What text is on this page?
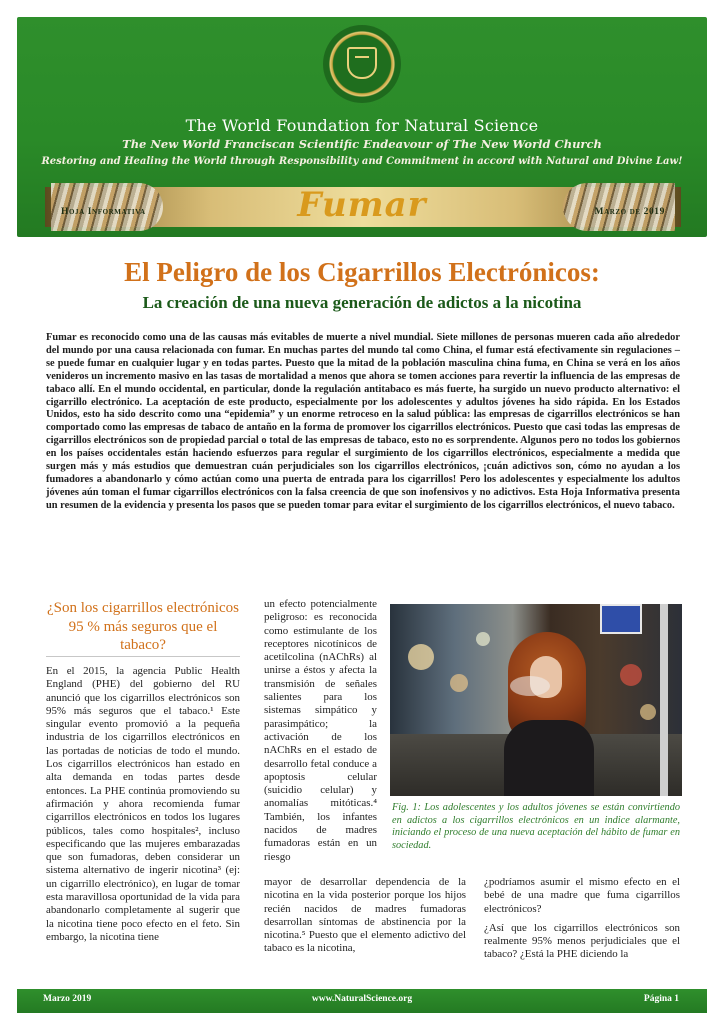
The World Foundation for Natural Science
The New World Franciscan Scientific Endeavour of The New World Church
Restoring and Healing the World through Responsibility and Commitment in accord with Natural and Divine Law!
Hoja Informativa	Fumar	Marzo de 2019
El Peligro de los Cigarrillos Electrónicos:
La creación de una nueva generación de adictos a la nicotina
Fumar es reconocido como una de las causas más evitables de muerte a nivel mundial. Siete millones de personas mueren cada año alrededor del mundo por una causa relacionada con fumar. En muchas partes del mundo tal como China, el fumar está efectivamente sin regulaciones – se puede fumar en cualquier lugar y en todas partes. Puesto que la mitad de la población masculina china fuma, en China se verá en los años venideros un incremento masivo en las tasas de mortalidad a menos que ahora se tomen acciones para revertir la influencia de las empresas de tabaco allí. En el mundo occidental, en particular, donde la regulación antitabaco es más fuerte, ha surgido un nuevo producto alternativo: el cigarrillo electrónico. La aceptación de este producto, especialmente por los adolescentes y adultos jóvenes ha sido rápida. En los Estados Unidos, esto ha sido descrito como una “epidemia” y un enorme retroceso en la salud pública: las empresas de cigarrillos electrónicos se han comportado como las empresas de tabaco de antaño en la forma de promover los cigarrillos electrónicos. Puesto que casi todas las empresas de cigarrillos electrónicos son de propiedad parcial o total de las empresas de tabaco, esto no es sorprendente. Algunos pero no todos los gobiernos en los países occidentales están haciendo esfuerzos para regular el surgimiento de los cigarrillos electrónicos, especialmente a medida que surgen más y más estudios que demuestran cuán perjudiciales son los cigarrillos electrónicos, ¡cuán adictivos son, cómo no ayudan a los fumadores a abandonarlo y cómo actúan como una puerta de entrada para los cigarrillos! Pero los adolescentes y especialmente los adultos jóvenes aún toman el fumar cigarrillos electrónicos con la falsa creencia de que son inofensivos y no adictivos. Esta Hoja Informativa presenta un resumen de la evidencia y presenta los pasos que se pueden tomar para evitar el surgimiento de los cigarrillos electrónicos, el nuevo tabaco.
¿Son los cigarrillos electrónicos 95 % más seguros que el tabaco?

En el 2015, la agencia Public Health England (PHE) del gobierno del RU anunció que los cigarrillos electrónicos son 95% más seguros que el tabaco.¹ Este singular evento promovió a la pequeña industria de los cigarrillos electrónicos en las portadas de noticias de todo el mundo. Los cigarrillos electrónicos han estado en alta demanda en todas partes desde entonces. La PHE continúa promoviendo su afirmación y ahora recomienda fumar cigarrillos electrónicos en todos los lugares públicos, tales como hospitales², incluso especificando que las mujeres embarazadas que son fumadoras, deben considerar un sistema alternativo de ingerir nicotina³ (ej: un cigarrillo electrónico), en lugar de tomar esta maravillosa oportunidad de la vida para abandonarlo completamente al sugerir que la nicotina tiene poco efecto en el feto. Sin embargo, la nicotina tiene

un efecto potencialmente peligroso: es reconocida como estimulante de los receptores nicotínicos de acetilcolina (nAChRs) al unirse a éstos y afecta la transmisión de señales salientes para los sistemas simpático y parasimpático; la activación de los nAChRs en el estado de desarrollo fetal conduce a apoptosis celular (suicidio celular) y anomalías mitóticas.⁴ También, los infantes nacidos de madres fumadoras están en un riesgo

mayor de desarrollar dependencia de la nicotina en la vida posterior porque los hijos recién nacidos de madres fumadoras desarrollan síntomas de abstinencia por la nicotina.⁵ Puesto que el elemento adictivo del tabaco es la nicotina,

Fig. 1: Los adolescentes y los adultos jóvenes se están convirtiendo en adictos a los cigarrillos electrónicos en un indice alarmante, iniciando el proceso de una nueva aceptación del hábito de fumar en sociedad.

¿podríamos asumir el mismo efecto en el bebé de una madre que fuma cigarrillos electrónicos?

¿Así que los cigarrillos electrónicos son realmente 95% menos perjudiciales que el tabaco? ¿Está la PHE diciendo la

Marzo 2019	www.NaturalScience.org	Página 1
